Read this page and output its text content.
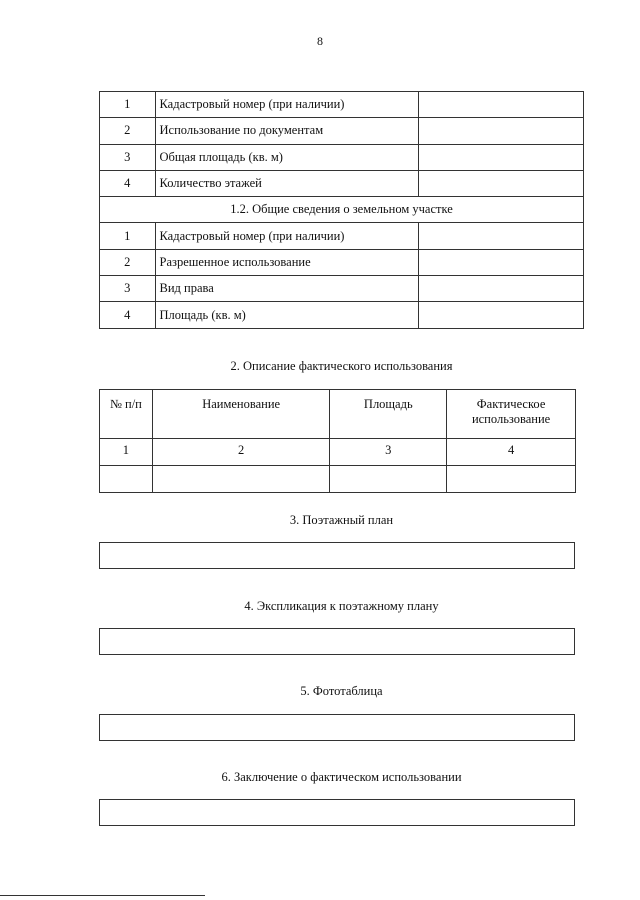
8
1	Кадастровый номер (при наличии)	
2	Использование по документам	
3	Общая площадь (кв. м)	
4	Количество этажей	
1.2. Общие сведения о земельном участке		
1	Кадастровый номер (при наличии)	
2	Разрешенное использование	
3	Вид права	
4	Площадь (кв. м)	
2. Описание фактического использования
№ п/п	Наименование	Площадь	Фактическое использование
1	2	3	4

3. Поэтажный план
4. Экспликация к поэтажному плану
5. Фототаблица
6. Заключение о фактическом использовании
